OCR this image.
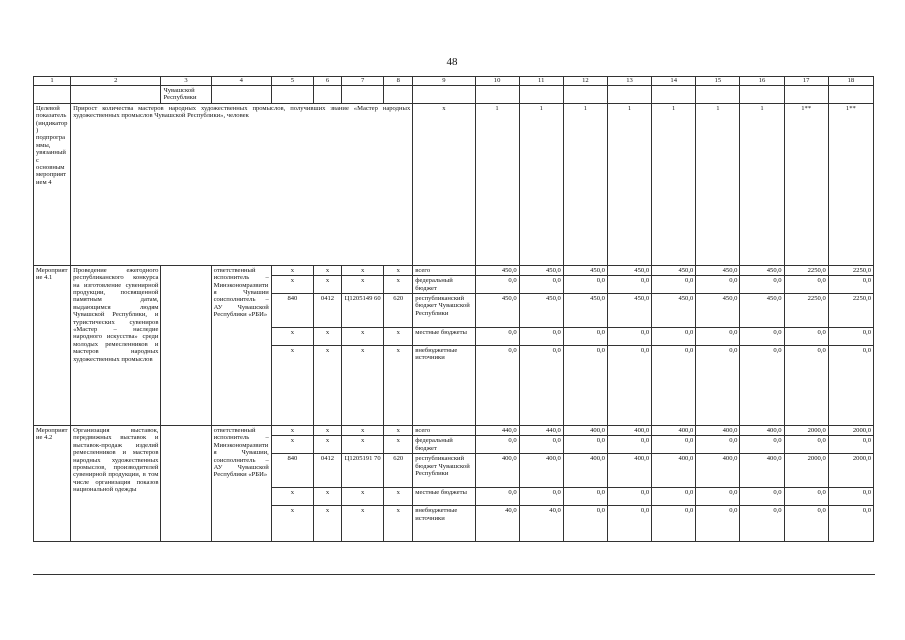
48
1	2	3	4	5	6	7	8	9	10	11	12	13	14	15	16	17	18
		Чувашской Республики															
Целевой показатель (индикатор) подпрограммы, увязанный с основным мероприятием 4	Прирост количества мастеров народных художественных промыслов, получивших звание «Мастер народных художественных промыслов Чувашской Республики», человек							x	1	1	1	1	1	1	1	1**	1**
Мероприятие 4.1	Проведение ежегодного республиканского конкурса на изготовление сувенирной продукции, посвященной памятным датам, выдающимся людям Чувашской Республики, и туристических сувениров «Мастер – наследие народного искусства» среди молодых ремесленников и мастеров народных художественных промыслов		ответственный исполнитель – Минэкономразвития Чувашии соисполнитель – АУ Чувашской Республики «РБИ»	x	x	x	x	всего	450,0	450,0	450,0	450,0	450,0	450,0	450,0	2250,0	2250,0
				x	x	x	x	федеральный бюджет	0,0	0,0	0,0	0,0	0,0	0,0	0,0	0,0	0,0
				840	0412	Ц1205149 60	620	республиканский бюджет Чувашской Республики	450,0	450,0	450,0	450,0	450,0	450,0	450,0	2250,0	2250,0
				x	x	x	x	местные бюджеты	0,0	0,0	0,0	0,0	0,0	0,0	0,0	0,0	0,0
				x	x	x	x	внебюджетные источники	0,0	0,0	0,0	0,0	0,0	0,0	0,0	0,0	0,0
Мероприятие 4.2	Организация выставок, передвижных выставок и выставок-продаж изделий ремесленников и мастеров народных художественных промыслов, производителей сувенирной продукции, в том числе организация показов национальной одежды		ответственный исполнитель – Минэкономразвития Чувашии, соисполнитель – АУ Чувашской Республики «РБИ»	x	x	x	x	всего	440,0	440,0	400,0	400,0	400,0	400,0	400,0	2000,0	2000,0
				x	x	x	x	федеральный бюджет	0,0	0,0	0,0	0,0	0,0	0,0	0,0	0,0	0,0
				840	0412	Ц1205191 70	620	республиканский бюджет Чувашской Республики	400,0	400,0	400,0	400,0	400,0	400,0	400,0	2000,0	2000,0
				x	x	x	x	местные бюджеты	0,0	0,0	0,0	0,0	0,0	0,0	0,0	0,0	0,0
				x	x	x	x	внебюджетные источники	40,0	40,0	0,0	0,0	0,0	0,0	0,0	0,0	0,0
